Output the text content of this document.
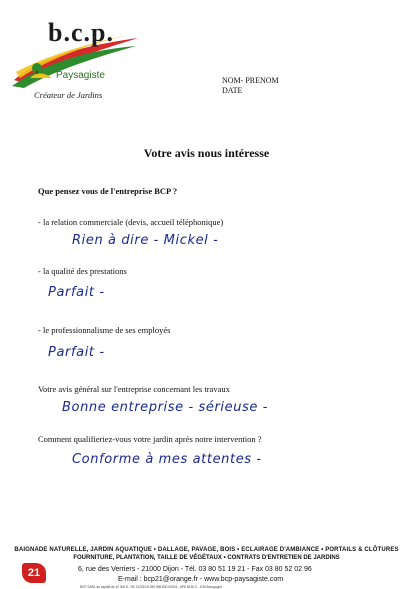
b.c.p.
Paysagiste
Créateur de Jardins
NOM- PRENOM
DATE
Votre avis nous intéresse
Que pensez vous de l'entreprise BCP ?
- la relation commerciale (devis, accueil téléphonique)
Rien à dire - Mickel -
- la qualité des prestations
Parfait -
- le professionnalisme de ses employés
Parfait -
Votre avis général sur l'entreprise concernant les travaux
Bonne entreprise - sérieuse -
Comment qualifieriez-vous votre jardin après notre intervention ?
Conforme à mes attentes -
BAIGNADE NATURELLE, JARDIN AQUATIQUE • DALLAGE, PAVAGE, BOIS • ECLAIRAGE D'AMBIANCE • PORTAILS & CLÔTURES
FOURNITURE, PLANTATION, TAILLE DE VÉGÉTAUX • CONTRATS D'ENTRETIEN DE JARDINS
21	6, rue des Verriers - 21000 Dijon - Tél. 03 80 51 19 21 - Fax 03 80 52 02 96
E-mail : bcp21@orange.fr - www.bcp-paysagiste.com
BCP SARL au capital de 10 000 € - RC DIJON B 399 998 800 00024 - APE 8130 Z - ICM Bourgogne
